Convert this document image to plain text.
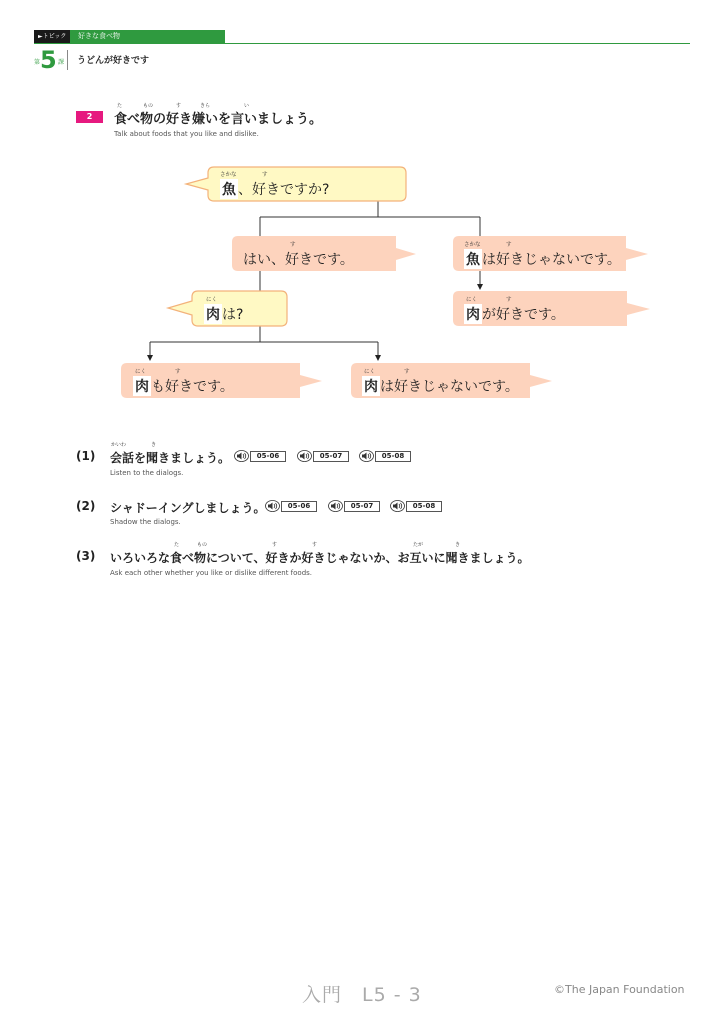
►トピック	好きな食べ物
第 5 課 うどんが好きです
2
た	もの	す	きら	い
食べ物の好き嫌いを言いましょう。
Talk about foods that you like and dislike.
さかな	す
魚 、好きですか?
す
はい、好きです。
さかな	す
魚 は好きじゃないです。
にく
肉 は?
にく	す
肉 が好きです。
にく	す
肉 も好きです。
にく	す
肉 は好きじゃないです。
(1)
かいわ	き
会話を聞きましょう。
Listen to the dialogs.
05-06	05-07	05-08
(2) シャドーイングしましょう。
Shadow the dialogs.
05-06	05-07	05-08
(3)
た	もの	す	す	たが	き
いろいろな食べ物について、好きか好きじゃないか、お互いに聞きましょう。
Ask each other whether you like or dislike different foods.
入門　L5 - 3	©The Japan Foundation
